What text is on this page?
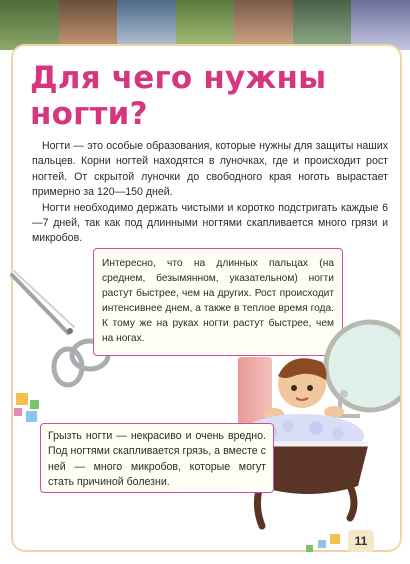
Для чего нужны ногти?

Ногти — это особые образования, которые нужны для защиты наших пальцев. Корни ногтей находятся в луночках, где и происходит рост ногтей. От скрытой луночки до свободного края ноготь вырастает примерно за 120—150 дней.

Ногти необходимо держать чистыми и коротко подстригать каждые 6—7 дней, так как под длинными ногтями скапливается много грязи и микробов.

Интересно, что на длинных пальцах (на среднем, безымянном, указательном) ногти растут быстрее, чем на других. Рост происходит интенсивнее днем, а также в теплое время года. К тому же на руках ногти растут быстрее, чем на ногах.
Грызть ногти — некрасиво и очень вредно. Под ногтями скапливается грязь, а вместе с ней — много микробов, которые могут стать причиной болезни.
11
